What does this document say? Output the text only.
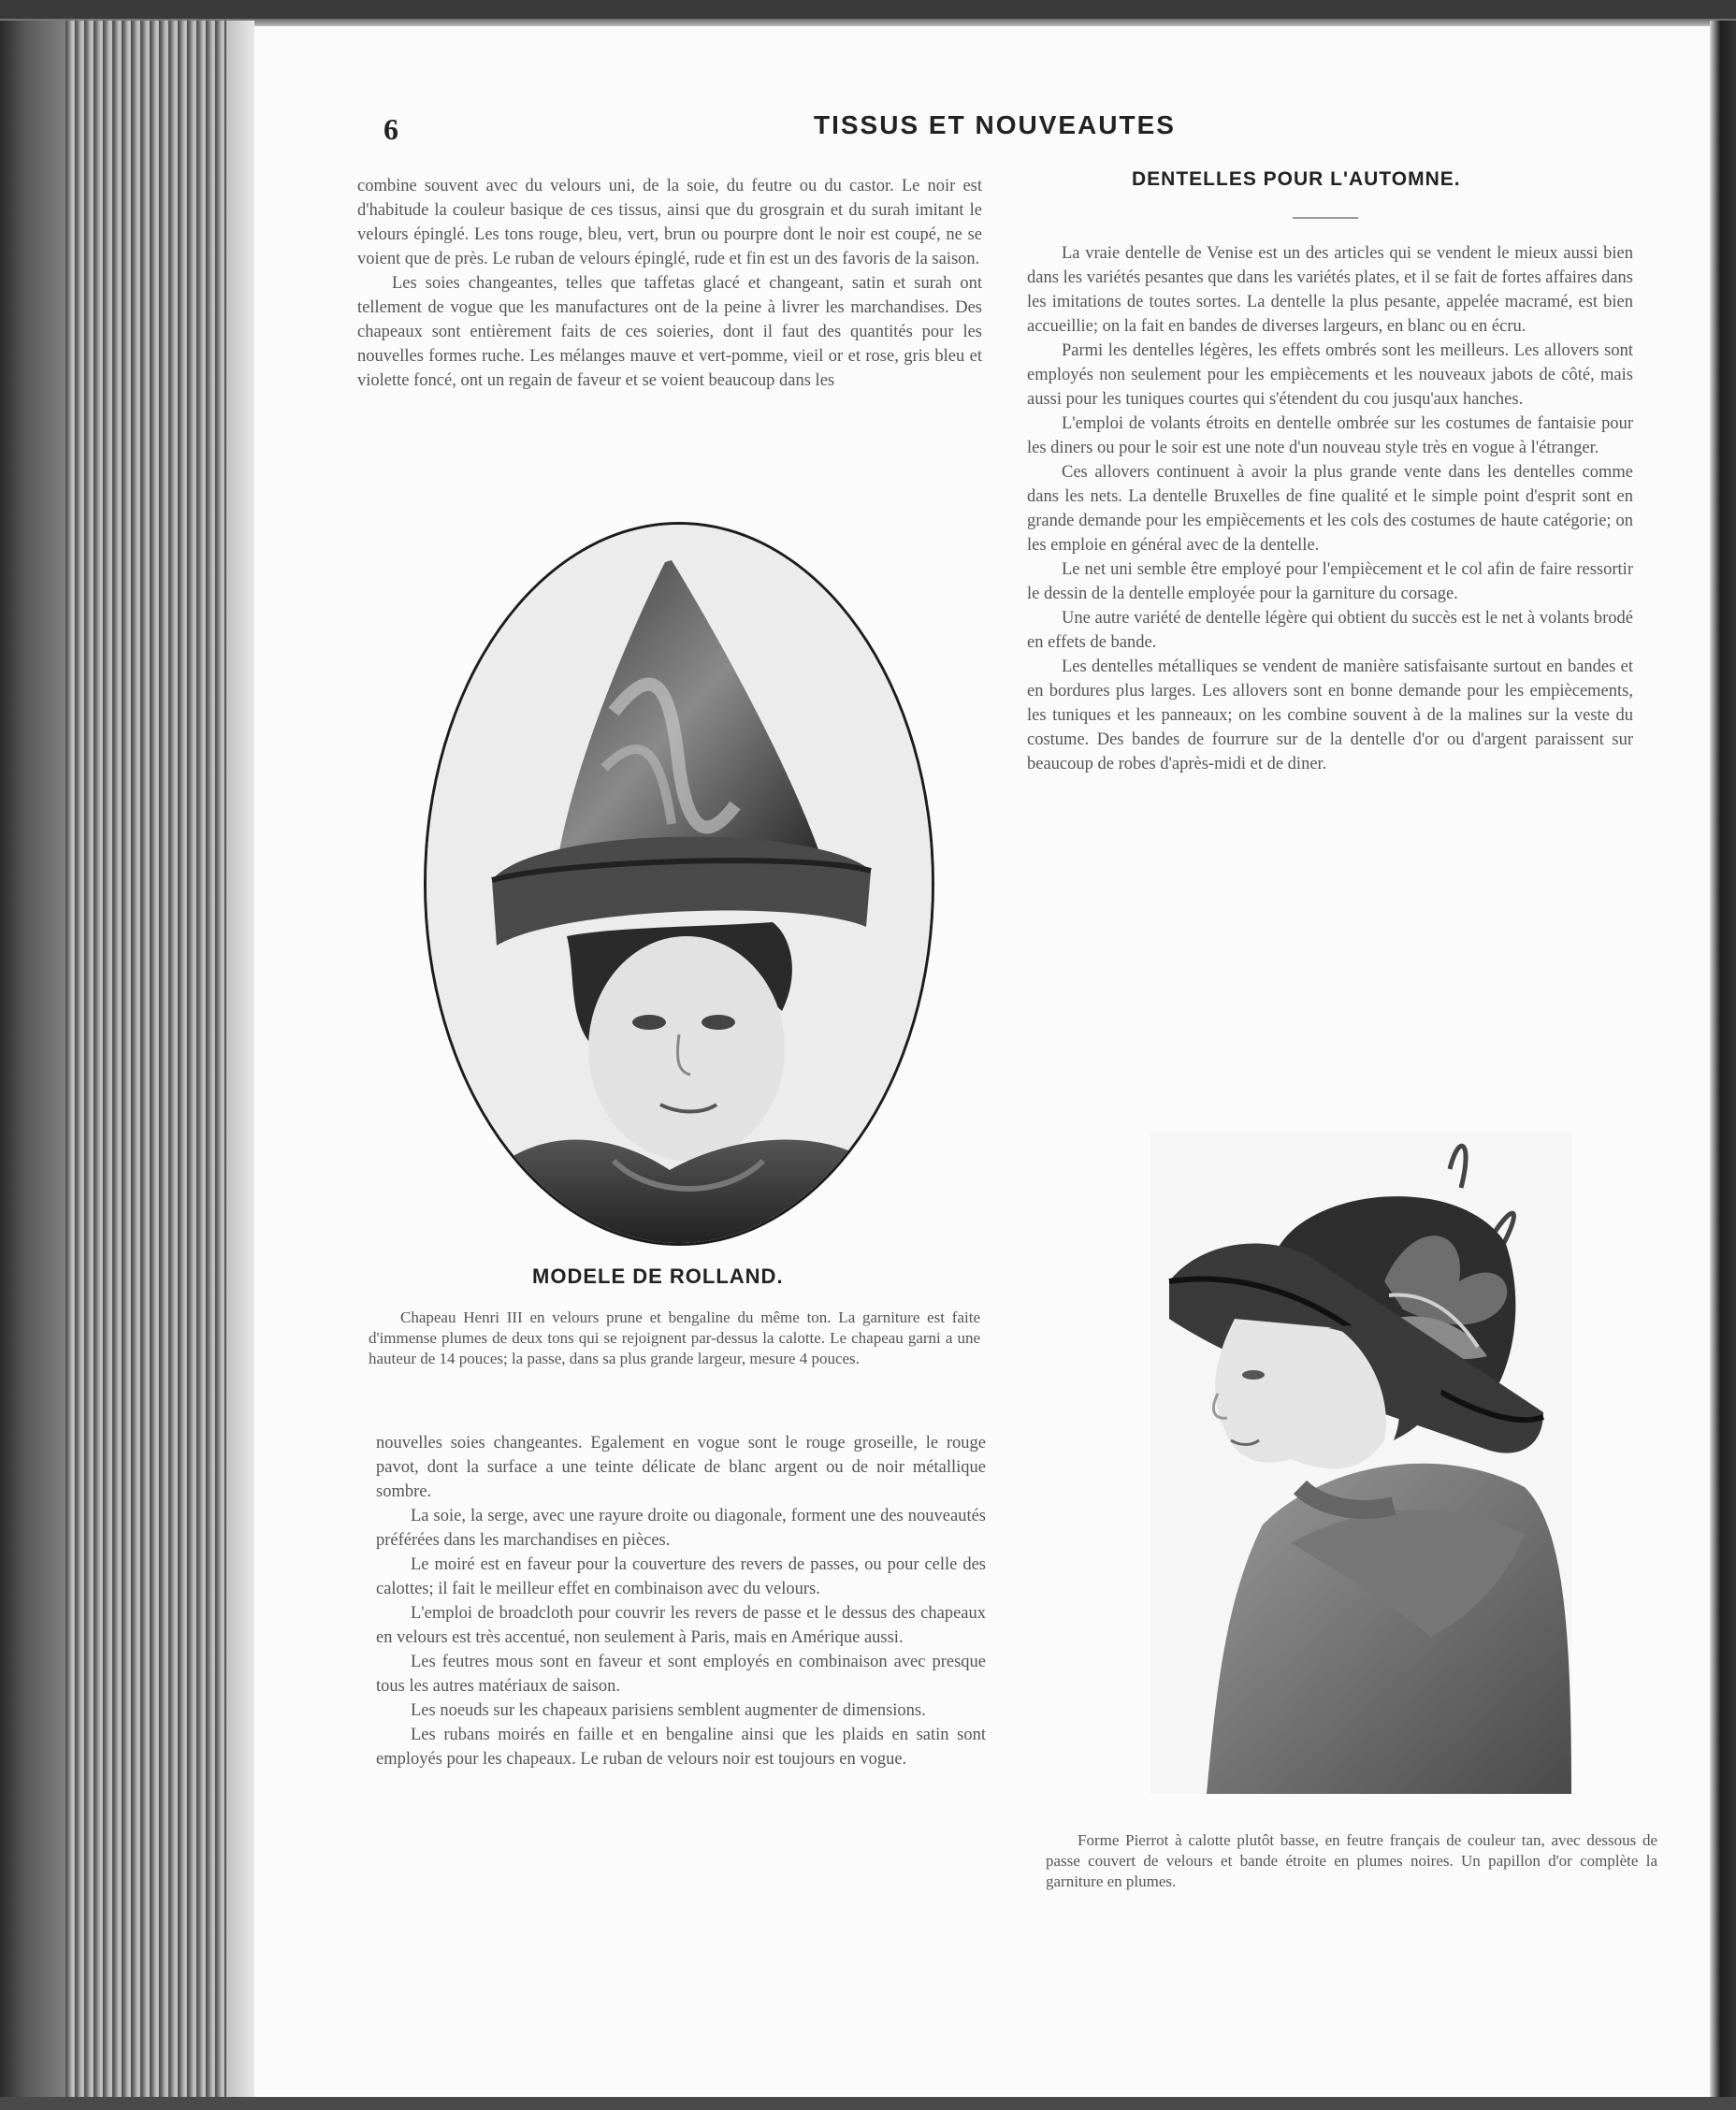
6	TISSUS ET NOUVEAUTES

combine souvent avec du velours uni, de la soie, du feutre ou du castor. Le noir est d'habitude la couleur basique de ces tissus, ainsi que du grosgrain et du surah imitant le velours épinglé. Les tons rouge, bleu, vert, brun ou pourpre dont le noir est coupé, ne se voient que de près. Le ruban de velours épinglé, rude et fin est un des favoris de la saison.

Les soies changeantes, telles que taffetas glacé et changeant, satin et surah ont tellement de vogue que les manufactures ont de la peine à livrer les marchandises. Des chapeaux sont entièrement faits de ces soieries, dont il faut des quantités pour les nouvelles formes ruche. Les mélanges mauve et vert-pomme, vieil or et rose, gris bleu et violette foncé, ont un regain de faveur et se voient beaucoup dans les

MODELE DE ROLLAND.

Chapeau Henri III en velours prune et bengaline du même ton. La garniture est faite d'immense plumes de deux tons qui se rejoignent par-dessus la calotte. Le chapeau garni a une hauteur de 14 pouces; la passe, dans sa plus grande largeur, mesure 4 pouces.

nouvelles soies changeantes. Egalement en vogue sont le rouge groseille, le rouge pavot, dont la surface a une teinte délicate de blanc argent ou de noir métallique sombre.

La soie, la serge, avec une rayure droite ou diagonale, forment une des nouveautés préférées dans les marchandises en pièces.

Le moiré est en faveur pour la couverture des revers de passes, ou pour celle des calottes; il fait le meilleur effet en combinaison avec du velours.

L'emploi de broadcloth pour couvrir les revers de passe et le dessus des chapeaux en velours est très accentué, non seulement à Paris, mais en Amérique aussi.

Les feutres mous sont en faveur et sont employés en combinaison avec presque tous les autres matériaux de saison.

Les noeuds sur les chapeaux parisiens semblent augmenter de dimensions.

Les rubans moirés en faille et en bengaline ainsi que les plaids en satin sont employés pour les chapeaux. Le ruban de velours noir est toujours en vogue.

DENTELLES POUR L'AUTOMNE.

La vraie dentelle de Venise est un des articles qui se vendent le mieux aussi bien dans les variétés pesantes que dans les variétés plates, et il se fait de fortes affaires dans les imitations de toutes sortes. La dentelle la plus pesante, appelée macramé, est bien accueillie; on la fait en bandes de diverses largeurs, en blanc ou en écru.

Parmi les dentelles légères, les effets ombrés sont les meilleurs. Les allovers sont employés non seulement pour les empiècements et les nouveaux jabots de côté, mais aussi pour les tuniques courtes qui s'étendent du cou jusqu'aux hanches.

L'emploi de volants étroits en dentelle ombrée sur les costumes de fantaisie pour les diners ou pour le soir est une note d'un nouveau style très en vogue à l'étranger.

Ces allovers continuent à avoir la plus grande vente dans les dentelles comme dans les nets. La dentelle Bruxelles de fine qualité et le simple point d'esprit sont en grande demande pour les empiècements et les cols des costumes de haute catégorie; on les emploie en général avec de la dentelle.

Le net uni semble être employé pour l'empiècement et le col afin de faire ressortir le dessin de la dentelle employée pour la garniture du corsage.

Une autre variété de dentelle légère qui obtient du succès est le net à volants brodé en effets de bande.

Les dentelles métalliques se vendent de manière satisfaisante surtout en bandes et en bordures plus larges. Les allovers sont en bonne demande pour les empiècements, les tuniques et les panneaux; on les combine souvent à de la malines sur la veste du costume. Des bandes de fourrure sur de la dentelle d'or ou d'argent paraissent sur beaucoup de robes d'après-midi et de diner.

Forme Pierrot à calotte plutôt basse, en feutre français de couleur tan, avec dessous de passe couvert de velours et bande étroite en plumes noires. Un papillon d'or complète la garniture en plumes.
